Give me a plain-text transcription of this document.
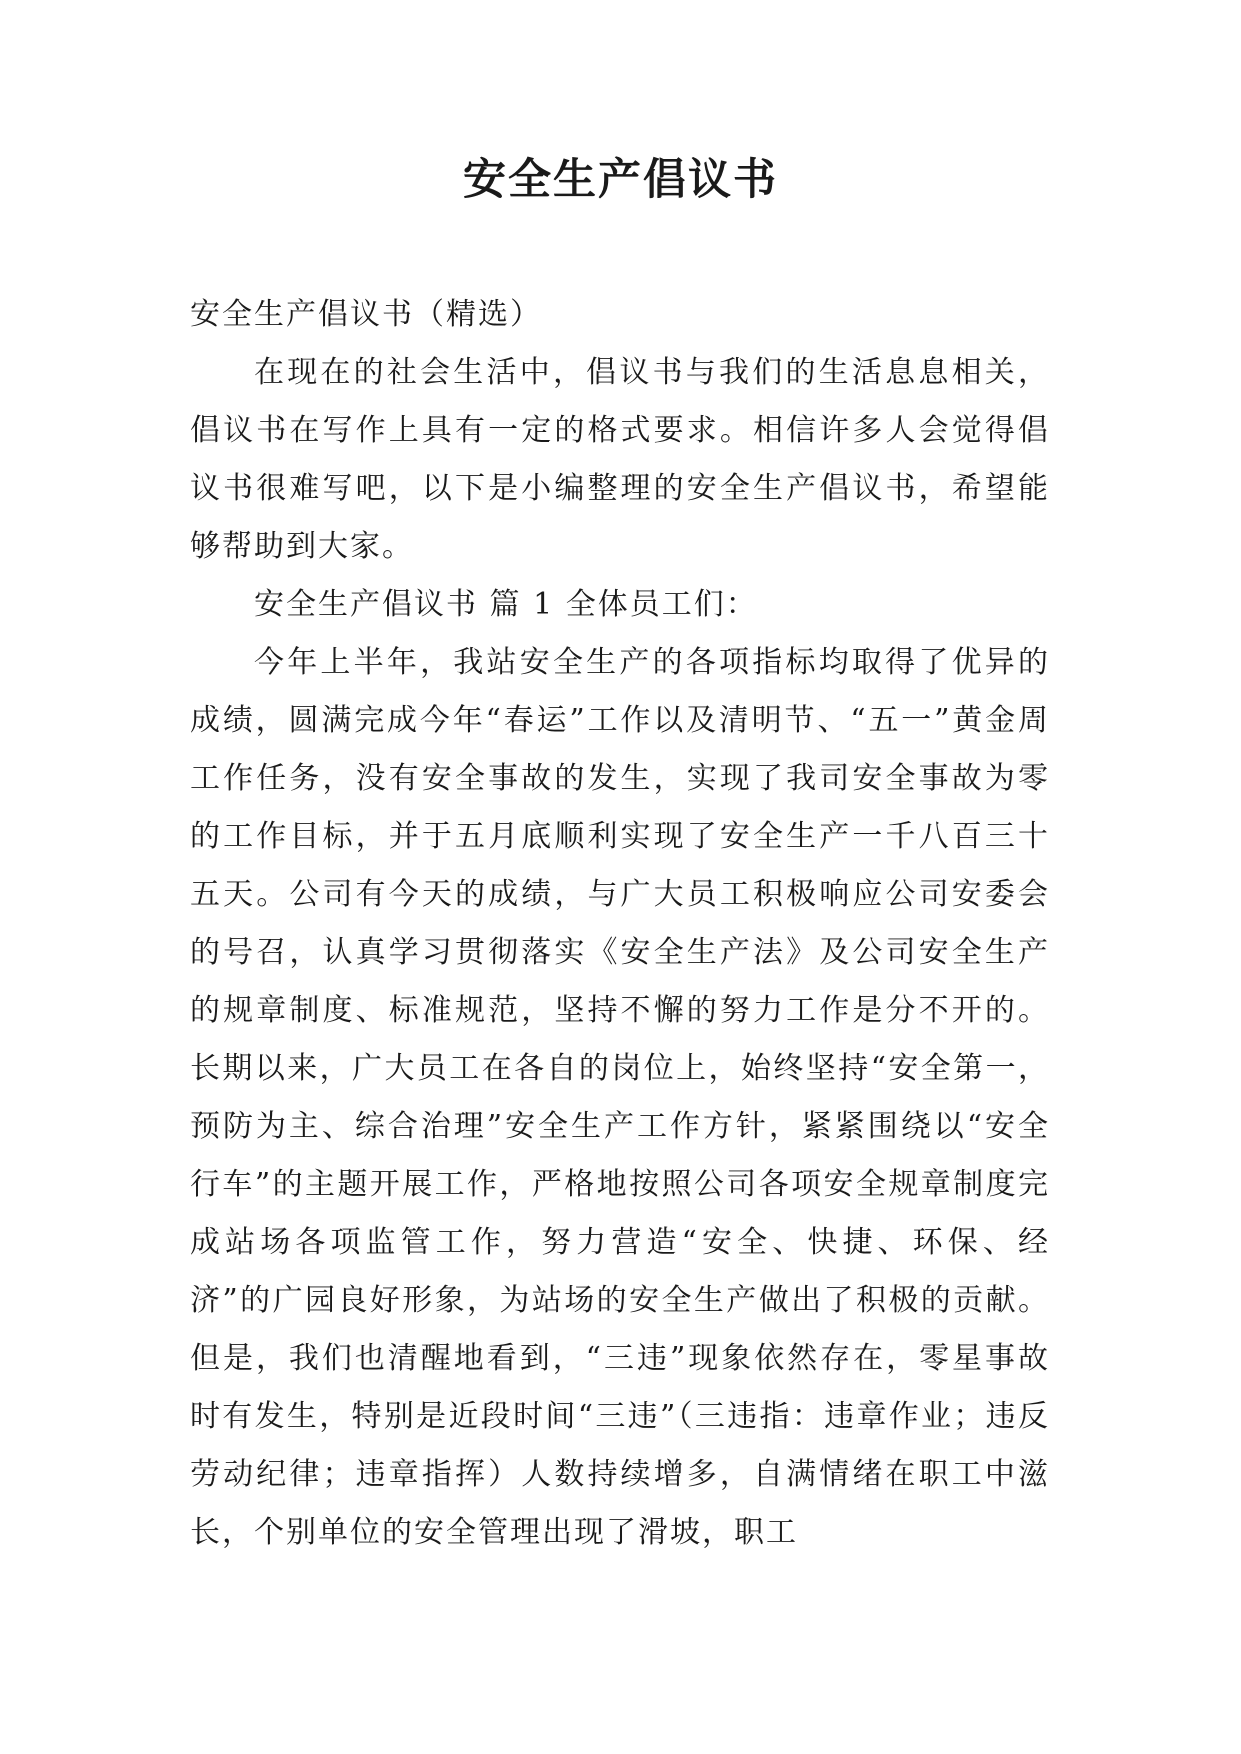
安全生产倡议书

安全生产倡议书（精选）

在现在的社会生活中，倡议书与我们的生活息息相关，倡议书在写作上具有一定的格式要求。相信许多人会觉得倡议书很难写吧，以下是小编整理的安全生产倡议书，希望能够帮助到大家。

安全生产倡议书 篇 1 全体员工们：

今年上半年，我站安全生产的各项指标均取得了优异的成绩，圆满完成今年“春运”工作以及清明节、“五一”黄金周工作任务，没有安全事故的发生，实现了我司安全事故为零的工作目标，并于五月底顺利实现了安全生产一千八百三十五天。公司有今天的成绩，与广大员工积极响应公司安委会的号召，认真学习贯彻落实《安全生产法》及公司安全生产的规章制度、标准规范，坚持不懈的努力工作是分不开的。长期以来，广大员工在各自的岗位上，始终坚持“安全第一，预防为主、综合治理”安全生产工作方针，紧紧围绕以“安全行车”的主题开展工作，严格地按照公司各项安全规章制度完成站场各项监管工作，努力营造“安全、快捷、环保、经济”的广园良好形象，为站场的安全生产做出了积极的贡献。但是，我们也清醒地看到，“三违”现象依然存在，零星事故时有发生，特别是近段时间“三违”（三违指：违章作业；违反劳动纪律；违章指挥）人数持续增多，自满情绪在职工中滋长，个别单位的安全管理出现了滑坡，职工
